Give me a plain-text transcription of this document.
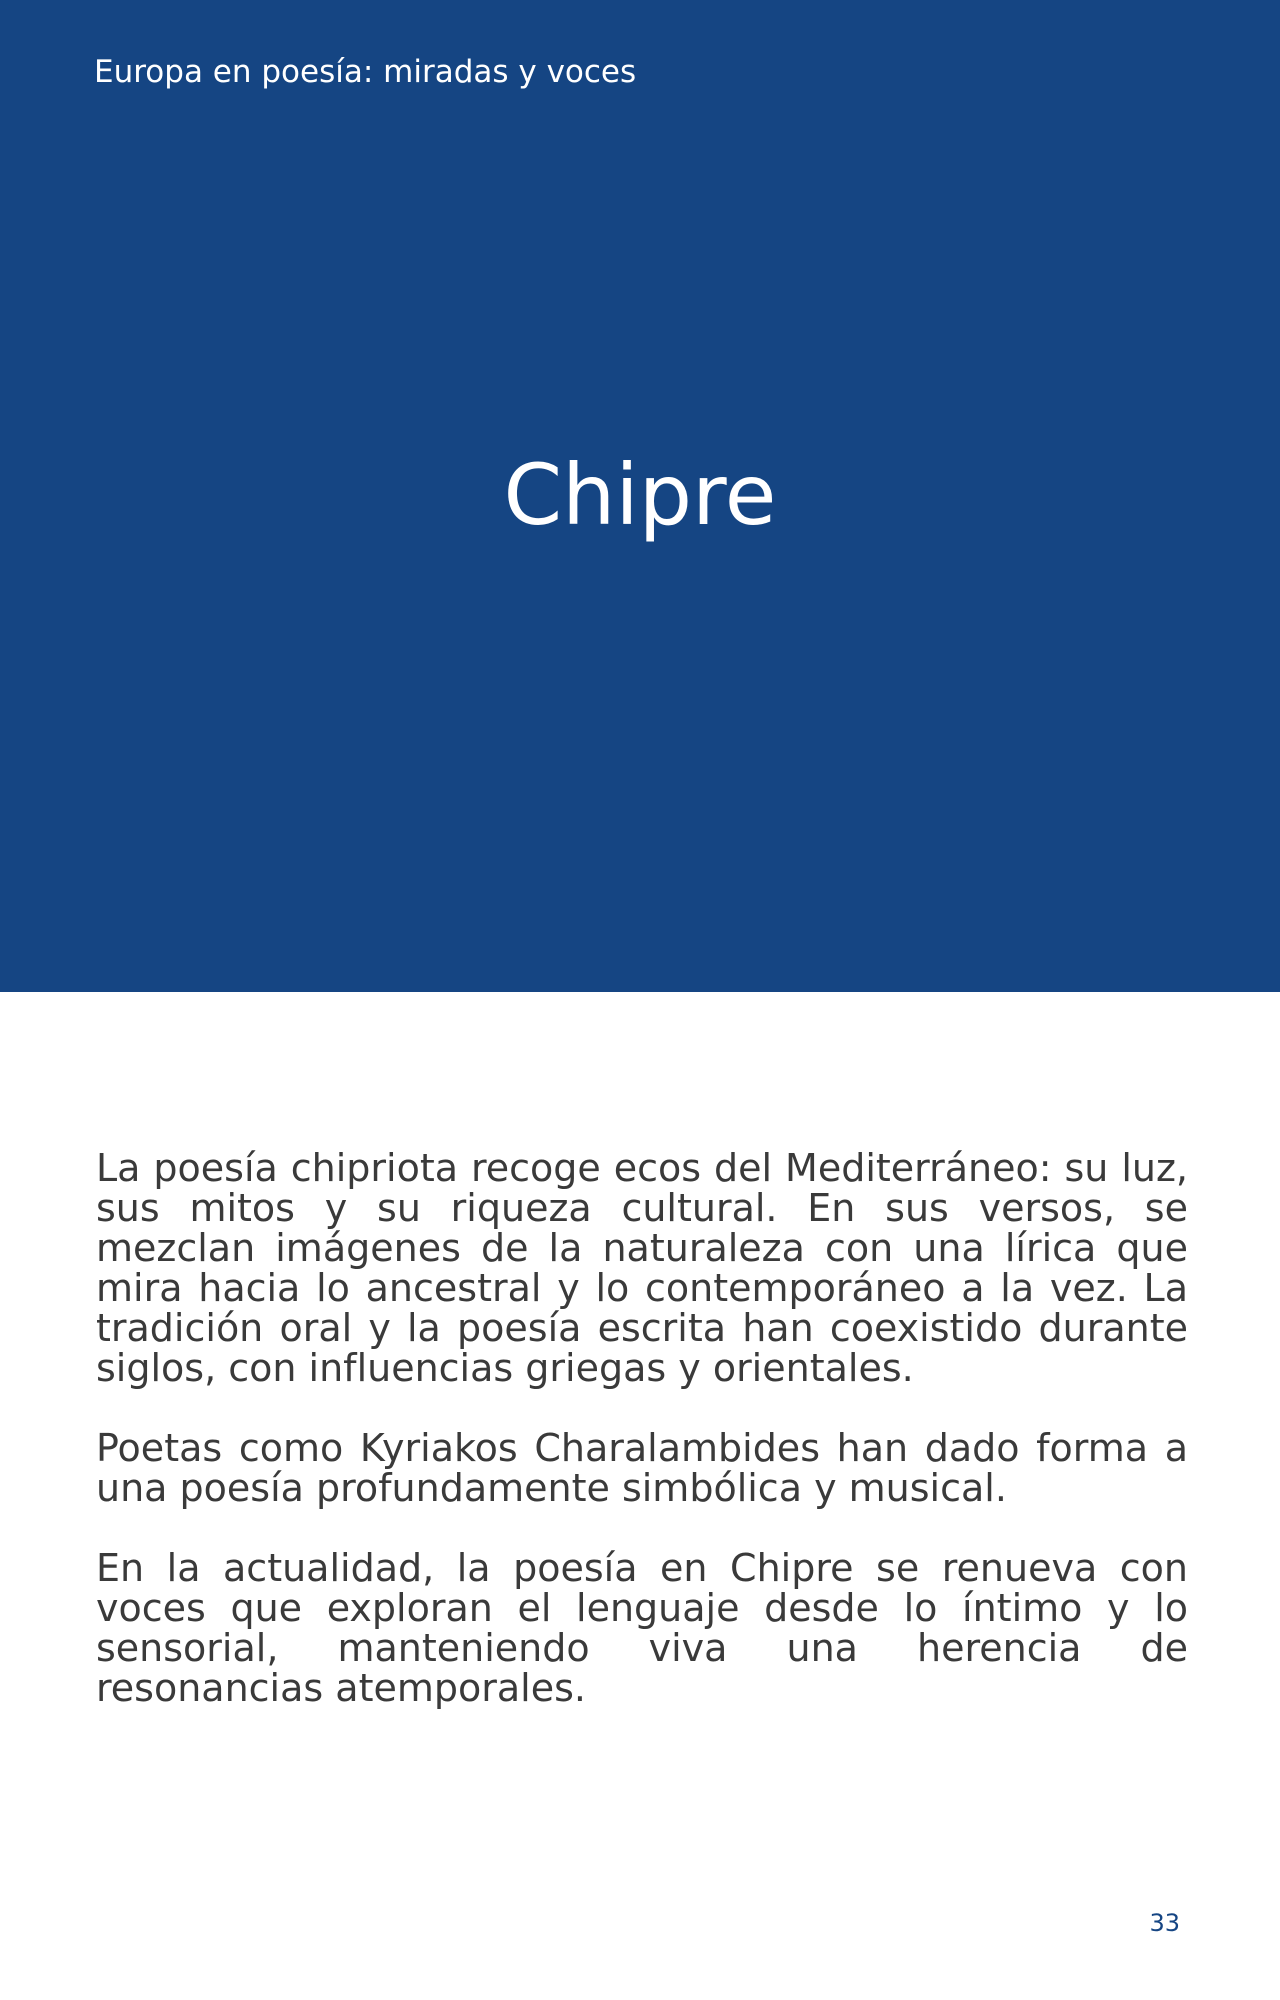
Europa en poesía: miradas y voces

Chipre

La poesía chipriota recoge ecos del Mediterráneo: su luz, sus mitos y su riqueza cultural. En sus versos, se mezclan imágenes de la naturaleza con una lírica que mira hacia lo ancestral y lo contemporáneo a la vez. La tradición oral y la poesía escrita han coexistido durante siglos, con influencias griegas y orientales.

Poetas como Kyriakos Charalambides han dado forma a una poesía profundamente simbólica y musical.

En la actualidad, la poesía en Chipre se renueva con voces que exploran el lenguaje desde lo íntimo y lo sensorial, manteniendo viva una herencia de resonancias atemporales.

33
